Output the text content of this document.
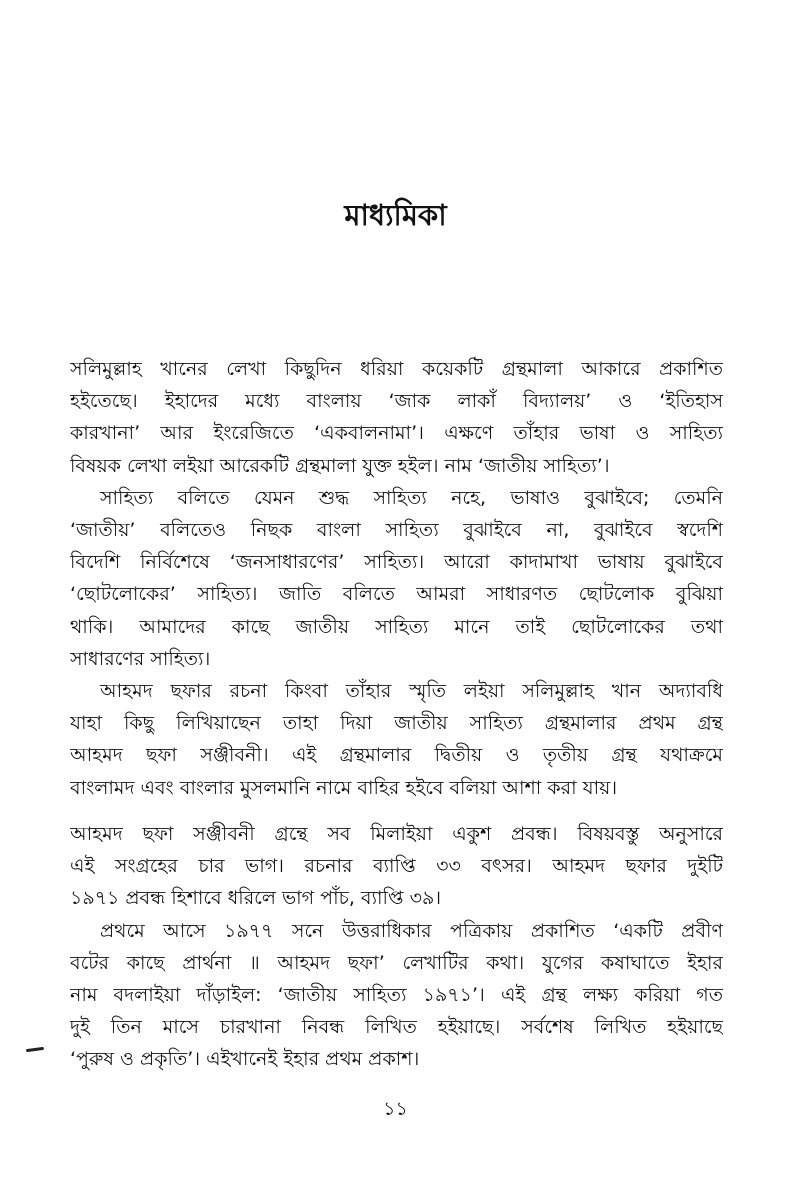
মাধ্যমিকা
সলিমুল্লাহ খানের লেখা কিছুদিন ধরিয়া কয়েকটি গ্রন্থমালা আকারে প্রকাশিত
হইতেছে। ইহাদের মধ্যে বাংলায় ‘জাক লাকাঁ বিদ্যালয়’ ও ‘ইতিহাস
কারখানা’ আর ইংরেজিতে ‘একবালনামা’। এক্ষণে তাঁহার ভাষা ও সাহিত্য
বিষয়ক লেখা লইয়া আরেকটি গ্রন্থমালা যুক্ত হইল। নাম ‘জাতীয় সাহিত্য’।
সাহিত্য বলিতে যেমন শুদ্ধ সাহিত্য নহে, ভাষাও বুঝাইবে; তেমনি
‘জাতীয়’ বলিতেও নিছক বাংলা সাহিত্য বুঝাইবে না, বুঝাইবে স্বদেশি
বিদেশি নির্বিশেষে ‘জনসাধারণের’ সাহিত্য। আরো কাদামাখা ভাষায় বুঝাইবে
‘ছোটলোকের’ সাহিত্য। জাতি বলিতে আমরা সাধারণত ছোটলোক বুঝিয়া
থাকি। আমাদের কাছে জাতীয় সাহিত্য মানে তাই ছোটলোকের তথা
সাধারণের সাহিত্য।
আহমদ ছফার রচনা কিংবা তাঁহার স্মৃতি লইয়া সলিমুল্লাহ খান অদ্যাবধি
যাহা কিছু লিখিয়াছেন তাহা দিয়া জাতীয় সাহিত্য গ্রন্থমালার প্রথম গ্রন্থ
আহমদ ছফা সঞ্জীবনী। এই গ্রন্থমালার দ্বিতীয় ও তৃতীয় গ্রন্থ যথাক্রমে
বাংলামদ এবং বাংলার মুসলমানি নামে বাহির হইবে বলিয়া আশা করা যায়।
আহমদ ছফা সঞ্জীবনী গ্রন্থে সব মিলাইয়া একুশ প্রবন্ধ। বিষয়বস্তু অনুসারে
এই সংগ্রহের চার ভাগ। রচনার ব্যাপ্তি ৩৩ বৎসর। আহমদ ছফার দুইটি
১৯৭১ প্রবন্ধ হিশাবে ধরিলে ভাগ পাঁচ, ব্যাপ্তি ৩৯।
প্রথমে আসে ১৯৭৭ সনে উত্তরাধিকার পত্রিকায় প্রকাশিত ‘একটি প্রবীণ
বটের কাছে প্রার্থনা ॥ আহমদ ছফা’ লেখাটির কথা। যুগের কষাঘাতে ইহার
নাম বদলাইয়া দাঁড়াইল: ‘জাতীয় সাহিত্য ১৯৭১’। এই গ্রন্থ লক্ষ্য করিয়া গত
দুই তিন মাসে চারখানা নিবন্ধ লিখিত হইয়াছে। সর্বশেষ লিখিত হইয়াছে
‘পুরুষ ও প্রকৃতি’। এইখানেই ইহার প্রথম প্রকাশ।

১১
